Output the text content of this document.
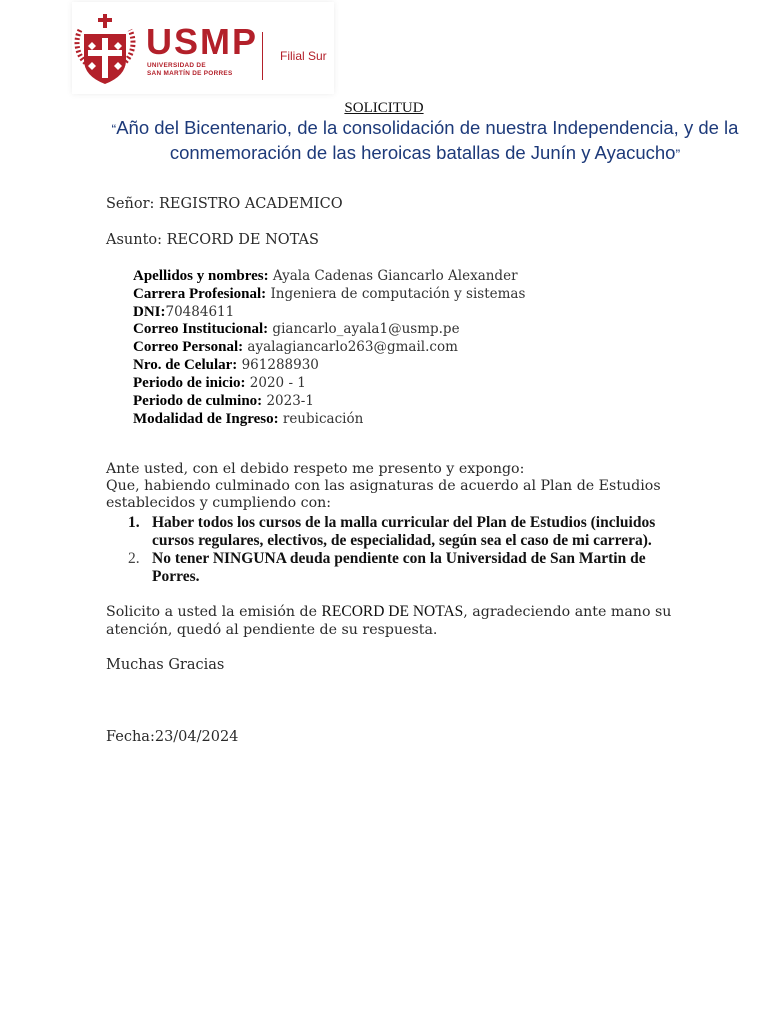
USMP
UNIVERSIDAD DE
SAN MARTÍN DE PORRES
Filial Sur
SOLICITUD
“Año del Bicentenario, de la consolidación de nuestra Independencia, y de la conmemoración de las heroicas batallas de Junín y Ayacucho”
Señor: REGISTRO ACADEMICO
Asunto: RECORD DE NOTAS
Apellidos y nombres: Ayala Cadenas Giancarlo Alexander
Carrera Profesional: Ingeniera de computación y sistemas
DNI:70484611
Correo Institucional: giancarlo_ayala1@usmp.pe
Correo Personal: ayalagiancarlo263@gmail.com
Nro. de Celular: 961288930
Periodo de inicio: 2020 - 1
Periodo de culmino: 2023-1
Modalidad de Ingreso: reubicación
Ante usted, con el debido respeto me presento y expongo:
Que, habiendo culminado con las asignaturas de acuerdo al Plan de Estudios
establecidos y cumpliendo con:
1. Haber todos los cursos de la malla curricular del Plan de Estudios (incluidos
cursos regulares, electivos, de especialidad, según sea el caso de mi carrera).
2. No tener NINGUNA deuda pendiente con la Universidad de San Martin de
Porres.
Solicito a usted la emisión de RECORD DE NOTAS, agradeciendo ante mano su
atención, quedó al pendiente de su respuesta.
Muchas Gracias
Fecha:23/04/2024
